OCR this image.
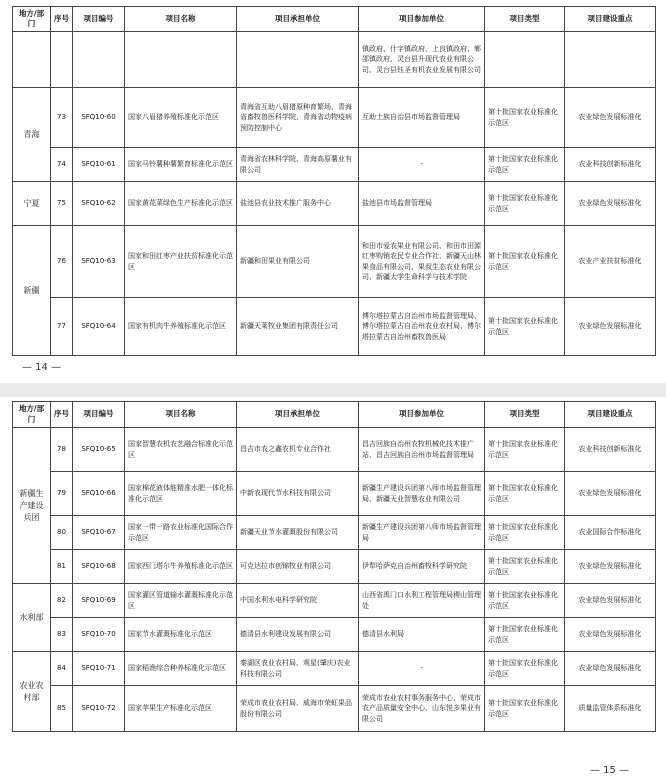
地方/部门	序号	项目编号	项目名称	项目承担单位	项目参加单位	项目类型	项目建设重点
					镇政府、什字镇政府、上良镇政府、郸邵镇政府、灵台县升现代农业有限公司、灵台县钰圣有机农业发展有限公司		
青海	73	SFQ10-60	国家八眉猪养殖标准化示范区	青海省互助八眉猪原种育繁场、青海省畜牧兽医科学院、青海省动物疫病预防控制中心	互助土族自治县市场监督管理局	第十批国家农业标准化示范区	农业绿色发展标准化
	74	SFQ10-61	国家马铃薯种薯繁育标准化示范区	青海省农林科学院、青海高原薯业有限公司	-	第十批国家农业标准化示范区	农业科技创新标准化
宁夏	75	SFQ10-62	国家黄花菜绿色生产标准化示范区	盐池县农业技术推广服务中心	盐池县市场监督管理局	第十批国家农业标准化示范区	农业绿色发展标准化
新疆	76	SFQ10-63	国家和田红枣产业扶贫标准化示范区	新疆和田果业有限公司	和田市爱农果业有限公司、和田市田源红枣购销农民专业合作社、新疆天山林果食品有限公司、果叔生态农业有限公司、新疆大学生命科学与技术学院	第十批国家农业标准化示范区	农业产业扶贫标准化
	77	SFQ10-64	国家有机肉牛养殖标准化示范区	新疆天莱牧业集团有限责任公司	博尔塔拉蒙古自治州市场监督管理局、博尔塔拉蒙古自治州农业农村局、博尔塔拉蒙古自治州畜牧兽医局	第十批国家农业标准化示范区	农业绿色发展标准化
— 14 —
地方/部门	序号	项目编号	项目名称	项目承担单位	项目参加单位	项目类型	项目建设重点
新疆生产建设兵团	78	SFQ10-65	国家智慧农机农艺融合标准化示范区	昌吉市农之鑫农机专业合作社	昌吉回族自治州农牧机械化技术推广站、昌吉回族自治州市场监督管理局	第十批国家农业标准化示范区	农业科技创新标准化
	79	SFQ10-66	国家棉花液体能精准水肥一体化标准化示范区	中新农现代节水科技有限公司	新疆生产建设兵团第八师市场监督管理局、新疆天业智慧农业有限公司	第十批国家农业标准化示范区	农业绿色发展标准化
	80	SFQ10-67	国家一带一路农业标准化国际合作示范区	新疆天业节水灌溉股份有限公司	新疆生产建设兵团第八师市场监督管理局	第十批国家农业标准化示范区	农业国际合作标准化
	81	SFQ10-68	国家西门塔尔牛养殖标准化示范区	可克达拉市创锦牧业有限公司	伊犁哈萨克自治州畜牧科学研究院	第十批国家农业标准化示范区	农业绿色发展标准化
水利部	82	SFQ10-69	国家灌区管道输水灌溉标准化示范区	中国水利水电科学研究院	山西省禹门口水利工程管理局稷山管理处	第十批国家农业标准化示范区	农业绿色发展标准化
	83	SFQ10-70	国家节水灌溉标准化示范区	德清县水利建设发展有限公司	德清县水利局	第十批国家农业标准化示范区	农业绿色发展标准化
农业农村部	84	SFQ10-71	国家稻渔综合种养标准化示范区	秦湖区农业农村局、观星(肇庆)农业科技有限公司	-	第十批国家农业标准化示范区	农业绿色发展标准化
	85	SFQ10-72	国家苹果生产标准化示范区	荣成市农业农村局、威海市荣虹果品股份有限公司	荣成市农业农村事务服务中心、荣成市农产品质量安全中心、山东悦多果业有限公司	第十批国家农业标准化示范区	质量监管体系标准化
— 15 —
